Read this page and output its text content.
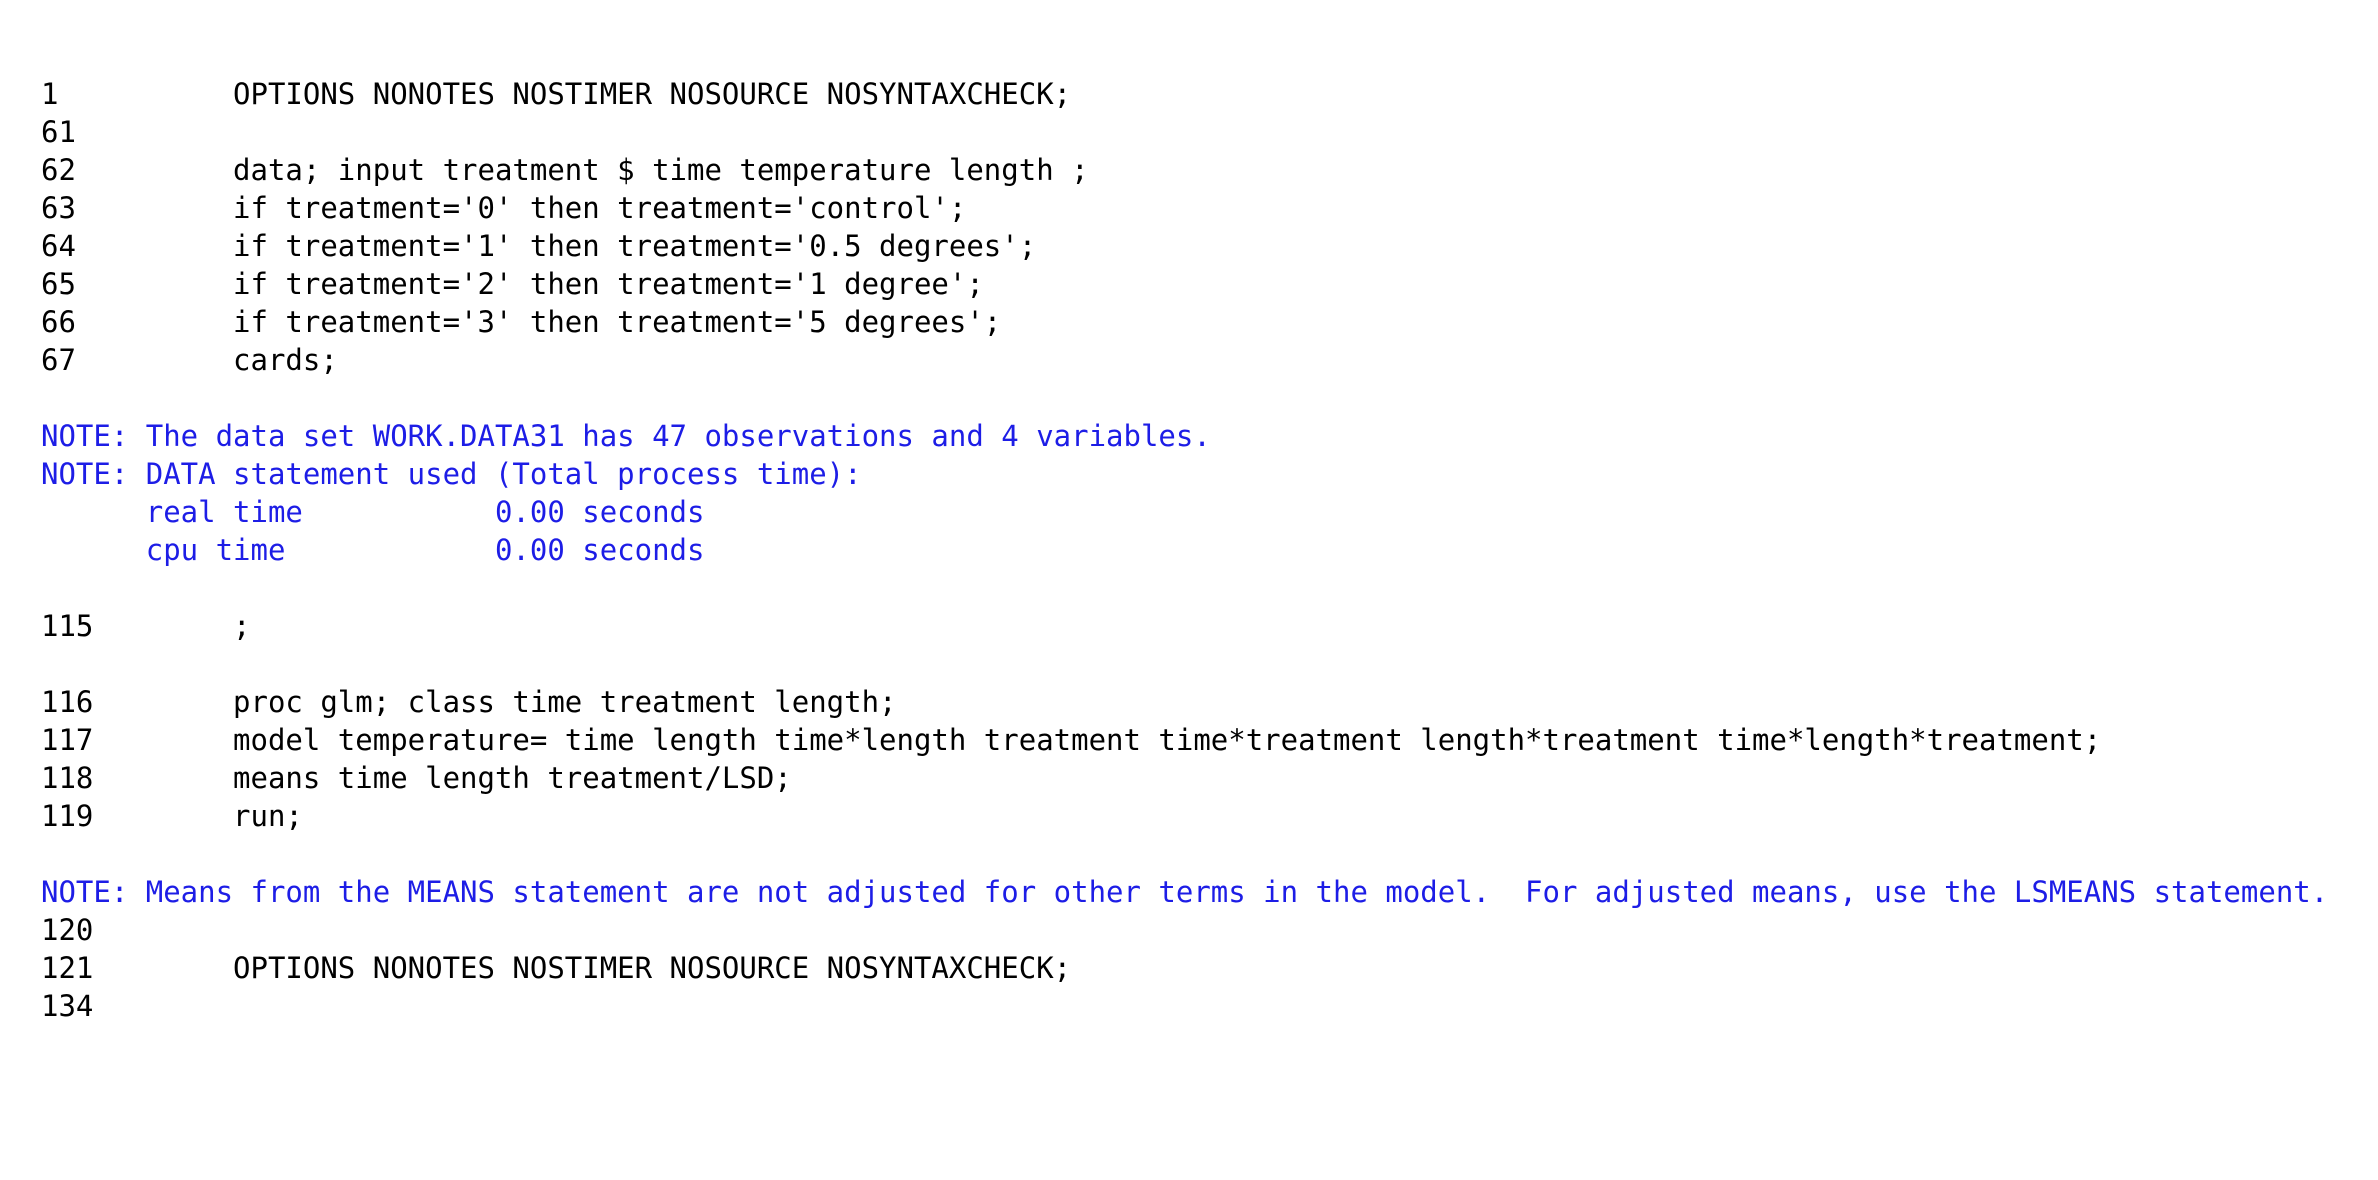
1          OPTIONS NONOTES NOSTIMER NOSOURCE NOSYNTAXCHECK;
61
62         data; input treatment $ time temperature length ;
63         if treatment='0' then treatment='control';
64         if treatment='1' then treatment='0.5 degrees';
65         if treatment='2' then treatment='1 degree';
66         if treatment='3' then treatment='5 degrees';
67         cards;
NOTE: The data set WORK.DATA31 has 47 observations and 4 variables.
NOTE: DATA statement used (Total process time):
real time           0.00 seconds
cpu time            0.00 seconds
115        ;
116        proc glm; class time treatment length;
117        model temperature= time length time*length treatment time*treatment length*treatment time*length*treatment;
118        means time length treatment/LSD;
119        run;
NOTE: Means from the MEANS statement are not adjusted for other terms in the model.  For adjusted means, use the LSMEANS statement.
120
121        OPTIONS NONOTES NOSTIMER NOSOURCE NOSYNTAXCHECK;
134
